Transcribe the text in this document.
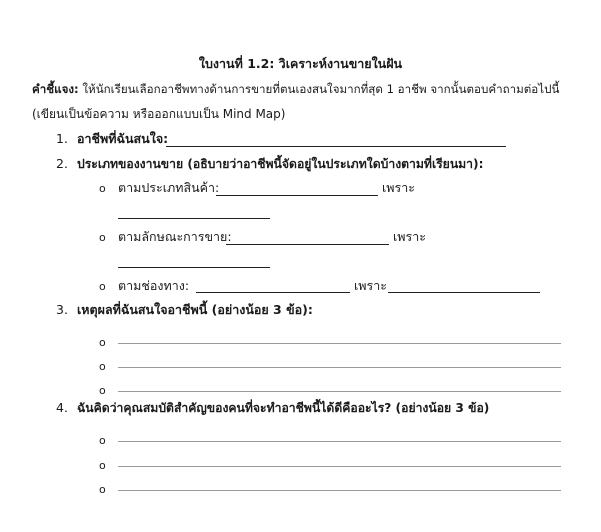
ใบงานที่ 1.2: วิเคราะห์งานขายในฝัน
คำชี้แจง: ให้นักเรียนเลือกอาชีพทางด้านการขายที่ตนเองสนใจมากที่สุด 1 อาชีพ จากนั้นตอบคำถามต่อไปนี้
(เขียนเป็นข้อความ หรือออกแบบเป็น Mind Map)
1. อาชีพที่ฉันสนใจ:
2. ประเภทของงานขาย (อธิบายว่าอาชีพนี้จัดอยู่ในประเภทใดบ้างตามที่เรียนมา):
o ตามประเภทสินค้า:	เพราะ
o ตามลักษณะการขาย:	เพราะ
o ตามช่องทาง:	เพราะ
3. เหตุผลที่ฉันสนใจอาชีพนี้ (อย่างน้อย 3 ข้อ):
o
o
o
4. ฉันคิดว่าคุณสมบัติสำคัญของคนที่จะทำอาชีพนี้ได้ดีคืออะไร? (อย่างน้อย 3 ข้อ)
o
o
o
